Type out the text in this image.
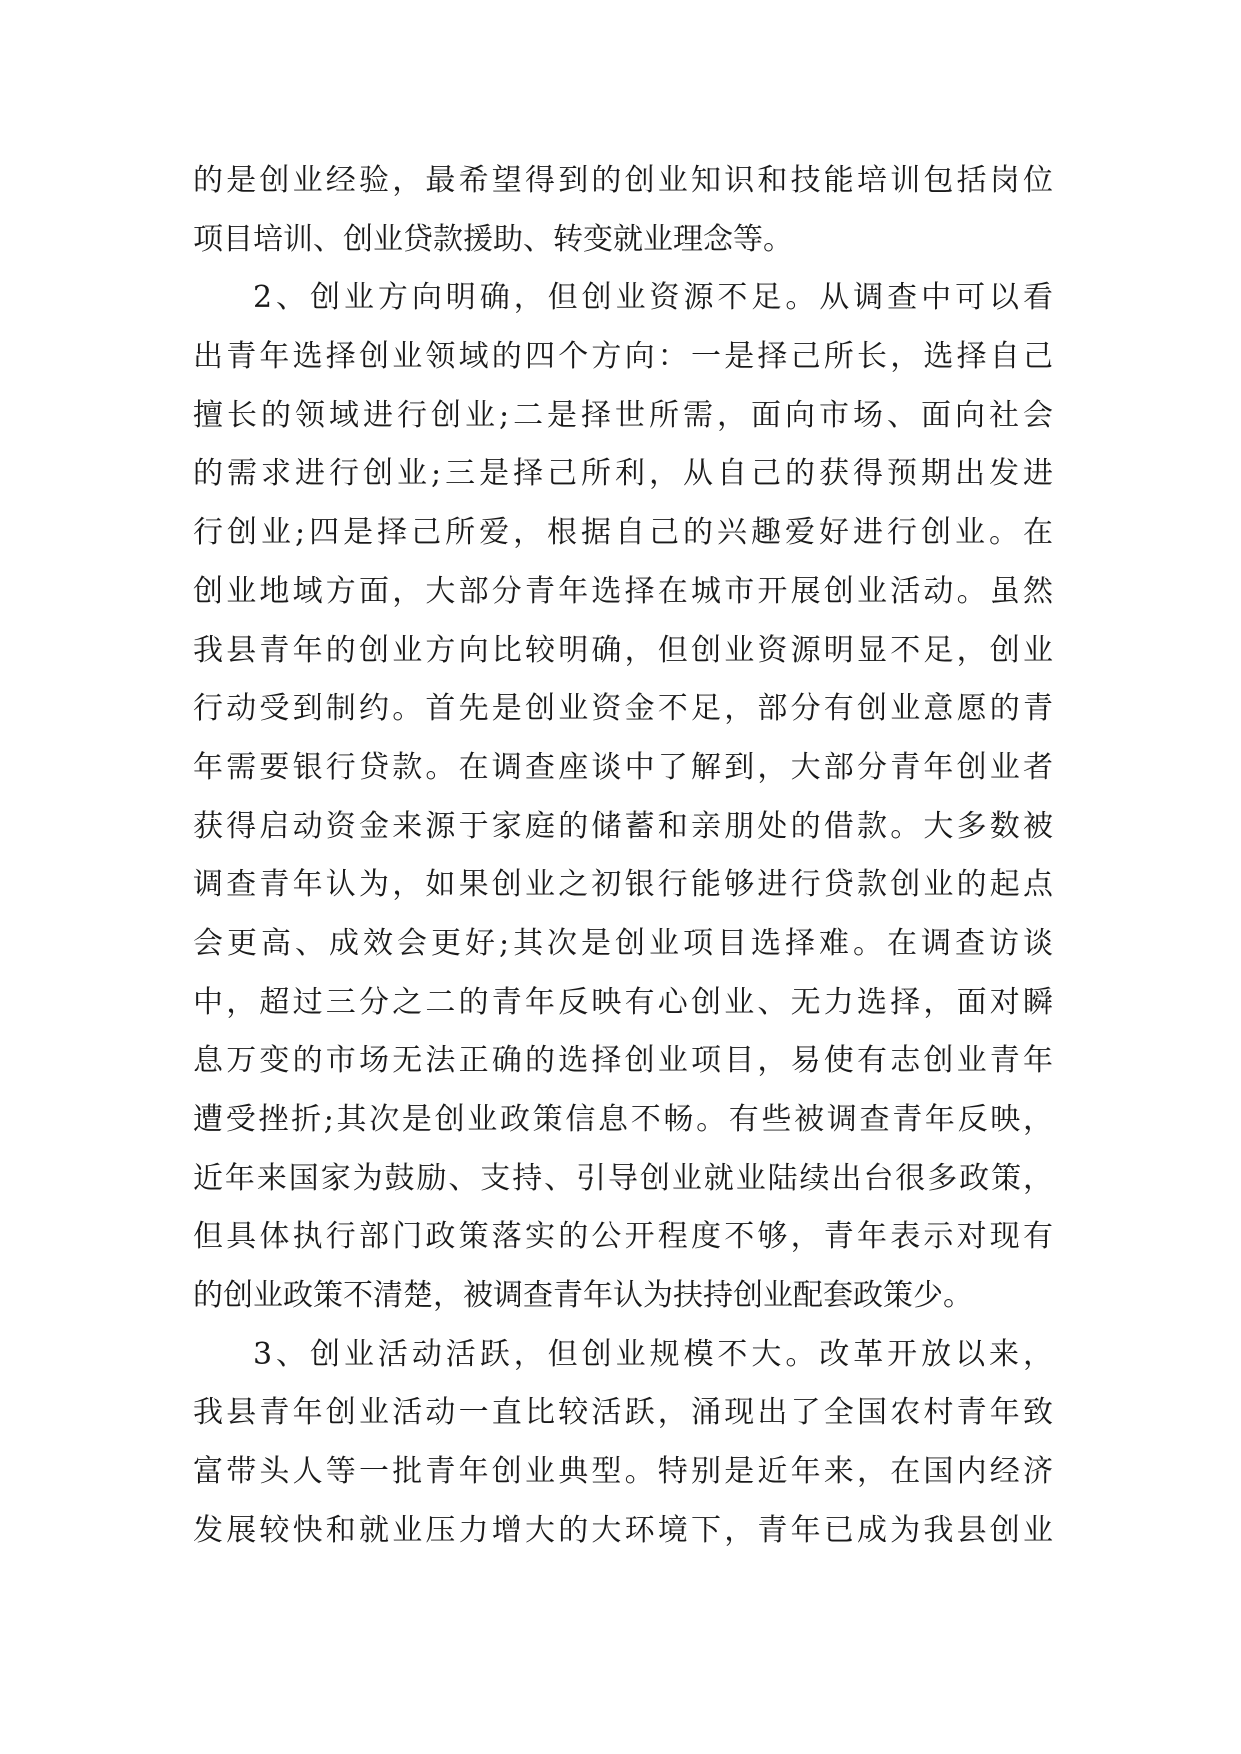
的是创业经验，最希望得到的创业知识和技能培训包括岗位
项目培训、创业贷款援助、转变就业理念等。
2、创业方向明确，但创业资源不足。从调查中可以看
出青年选择创业领域的四个方向：一是择己所长，选择自己
擅长的领域进行创业;二是择世所需，面向市场、面向社会
的需求进行创业;三是择己所利，从自己的获得预期出发进
行创业;四是择己所爱，根据自己的兴趣爱好进行创业。在
创业地域方面，大部分青年选择在城市开展创业活动。虽然
我县青年的创业方向比较明确，但创业资源明显不足，创业
行动受到制约。首先是创业资金不足，部分有创业意愿的青
年需要银行贷款。在调查座谈中了解到，大部分青年创业者
获得启动资金来源于家庭的储蓄和亲朋处的借款。大多数被
调查青年认为，如果创业之初银行能够进行贷款创业的起点
会更高、成效会更好;其次是创业项目选择难。在调查访谈
中，超过三分之二的青年反映有心创业、无力选择，面对瞬
息万变的市场无法正确的选择创业项目，易使有志创业青年
遭受挫折;其次是创业政策信息不畅。有些被调查青年反映，
近年来国家为鼓励、支持、引导创业就业陆续出台很多政策，
但具体执行部门政策落实的公开程度不够，青年表示对现有
的创业政策不清楚，被调查青年认为扶持创业配套政策少。
3、创业活动活跃，但创业规模不大。改革开放以来，
我县青年创业活动一直比较活跃，涌现出了全国农村青年致
富带头人等一批青年创业典型。特别是近年来，在国内经济
发展较快和就业压力增大的大环境下，青年已成为我县创业
